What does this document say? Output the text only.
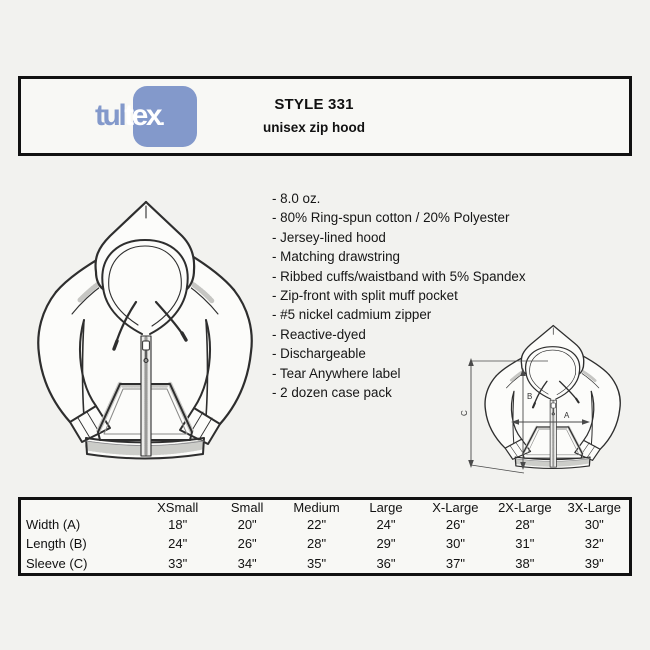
tultex.
STYLE 331
unisex zip hood
- 8.0 oz.
- 80% Ring-spun cotton / 20% Polyester
- Jersey-lined hood
- Matching drawstring
- Ribbed cuffs/waistband with 5% Spandex
- Zip-front with split muff pocket
- #5 nickel cadmium zipper
- Reactive-dyed
- Dischargeable
- Tear Anywhere label
- 2 dozen case pack
A
B
C
	XSmall	Small	Medium	Large	X-Large	2X-Large	3X-Large
Width (A)	18"	20"	22"	24"	26"	28"	30"
Length (B)	24"	26"	28"	29"	30"	31"	32"
Sleeve (C)	33"	34"	35"	36"	37"	38"	39"
